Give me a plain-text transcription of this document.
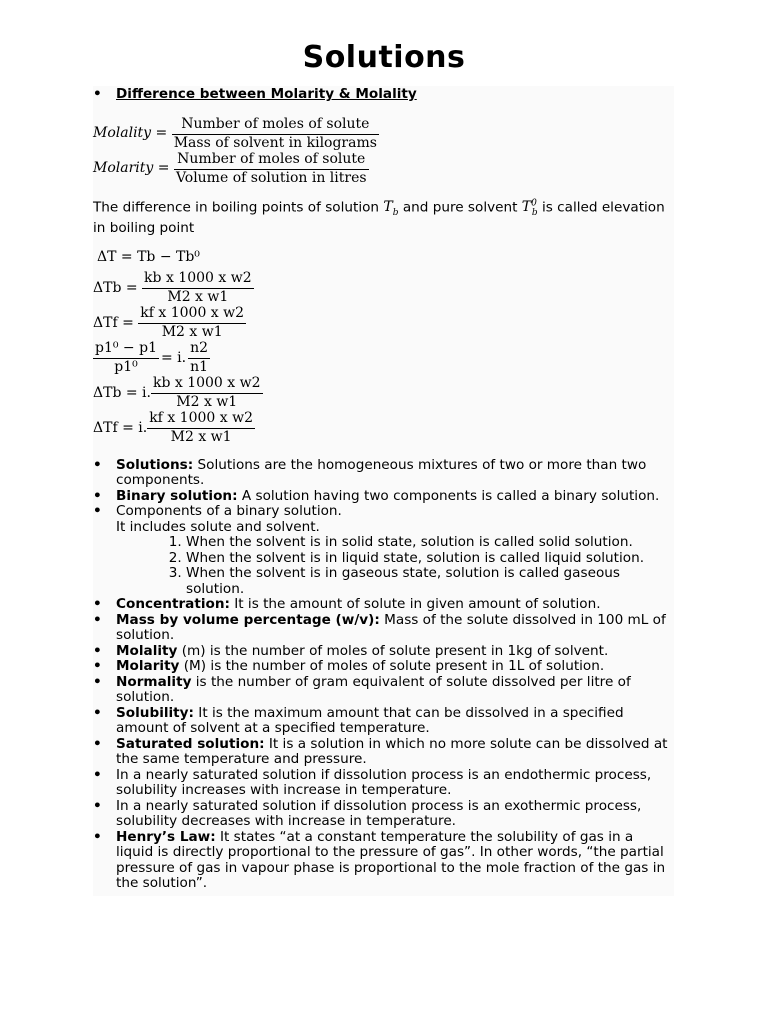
Solutions
• Difference between Molarity & Molality
Molality = $\frac{\text{Number of moles of solute}}{\text{Mass of solvent in kilograms}}$
Molarity = $\frac{\text{Number of moles of solute}}{\text{Volume of solution in litres}}$
The difference in boiling points of solution $T_b$ and pure solvent $T^0_b$ is called elevation in boiling point
ΔT = Tb − Tb⁰
ΔTb =
$\frac{\text{kb x 1000 x w2}}{\text{M2 x w1}}$
ΔTf =
$\frac{\text{kf x 1000 x w2}}{\text{M2 x w1}}$
$\frac{\text{p1⁰ − p1}}{\text{p1⁰}} = i$. $\frac{n2}{n1}$
ΔTb = i. $\frac{\text{kb x 1000 x w2}}{\text{M2 x w1}}$
ΔTf = i. $\frac{\text{kf x 1000 x w2}}{\text{M2 x w1}}$
• Solutions: Solutions are the homogeneous mixtures of two or more than two components.
• Binary solution: A solution having two components is called a binary solution.
• Components of a binary solution.
It includes solute and solvent.
1. When the solvent is in solid state, solution is called solid solution.
2. When the solvent is in liquid state, solution is called liquid solution.
3. When the solvent is in gaseous state, solution is called gaseous solution.
• Concentration: It is the amount of solute in given amount of solution.
• Mass by volume percentage (w/v): Mass of the solute dissolved in 100 mL of solution.
• Molality (m) is the number of moles of solute present in 1kg of solvent.
• Molarity (M) is the number of moles of solute present in 1L of solution.
• Normality is the number of gram equivalent of solute dissolved per litre of solution.
• Solubility: It is the maximum amount that can be dissolved in a specified amount of solvent at a specified temperature.
• Saturated solution: It is a solution in which no more solute can be dissolved at the same temperature and pressure.
• In a nearly saturated solution if dissolution process is an endothermic process, solubility increases with increase in temperature.
• In a nearly saturated solution if dissolution process is an exothermic process, solubility decreases with increase in temperature.
• Henry’s Law: It states “at a constant temperature the solubility of gas in a liquid is directly proportional to the pressure of gas”. In other words, “the partial pressure of gas in vapour phase is proportional to the mole fraction of the gas in the solution”.
